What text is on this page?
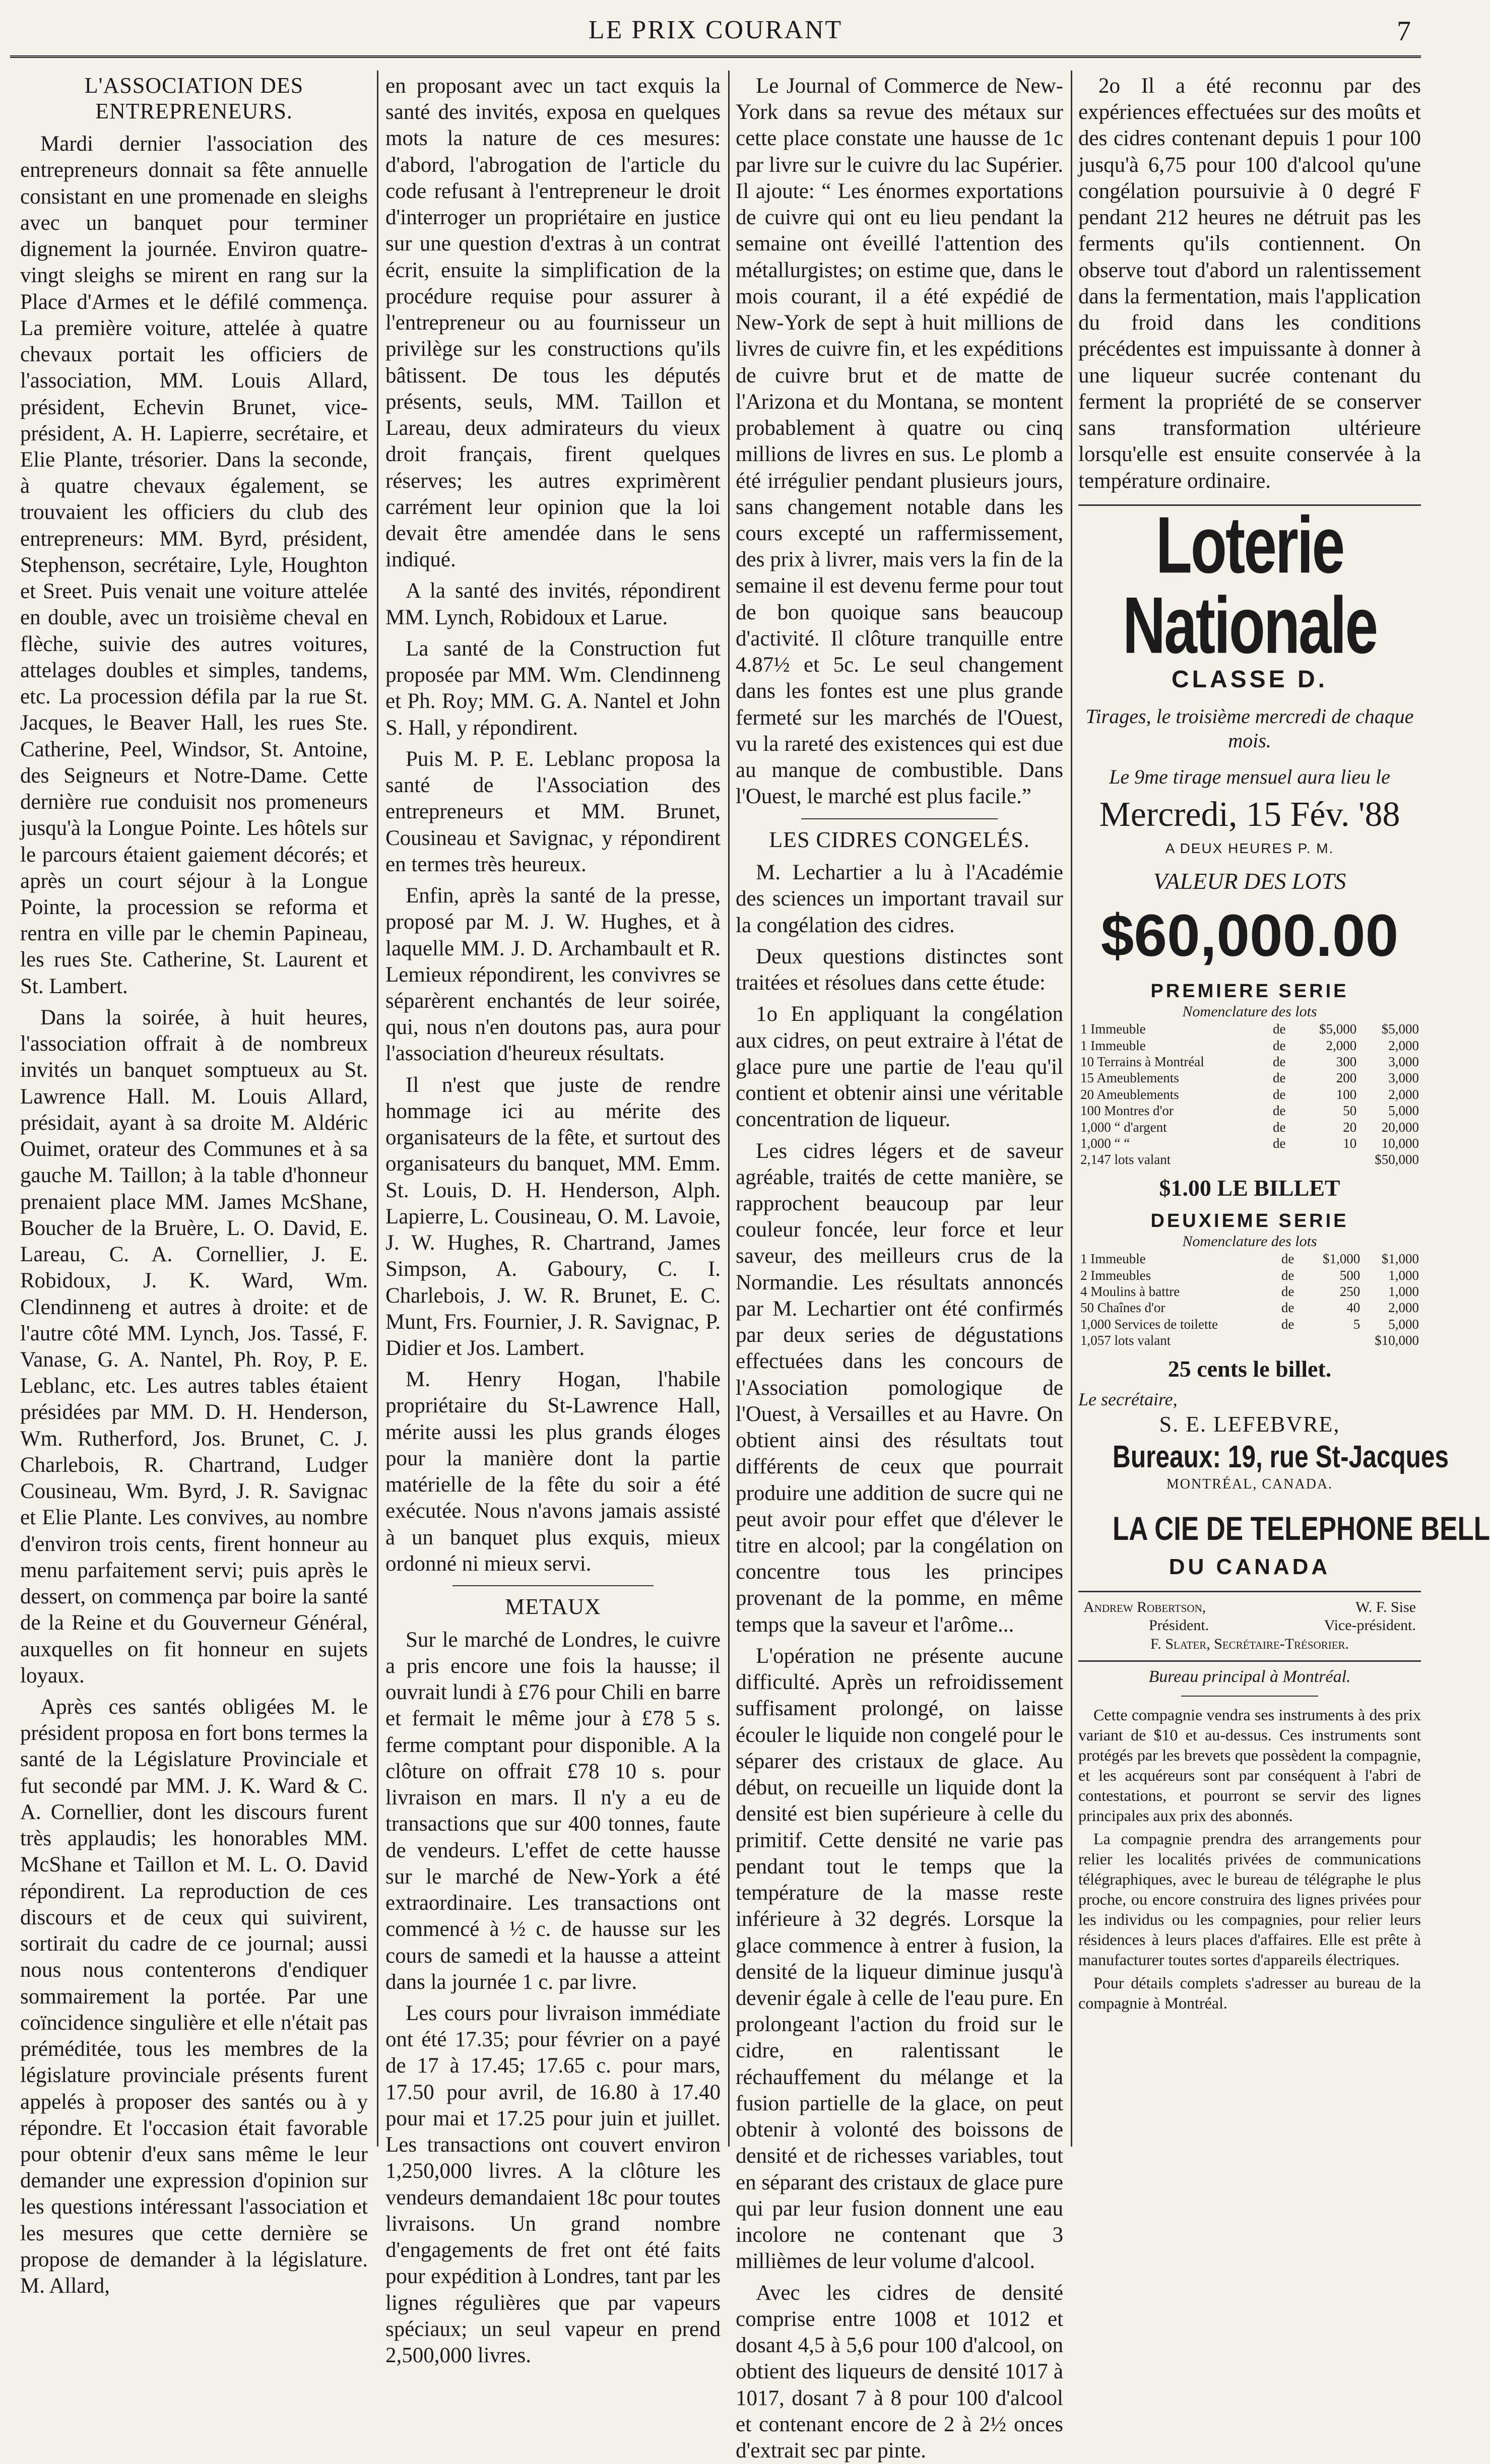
LE PRIX COURANT	7
L'ASSOCIATION DES ENTREPRENEURS.

Mardi dernier l'association des entrepreneurs donnait sa fête annuelle consistant en une promenade en sleighs avec un banquet pour terminer dignement la journée. Environ quatre-vingt sleighs se mirent en rang sur la Place d'Armes et le défilé commença. La première voiture, attelée à quatre chevaux portait les officiers de l'association, MM. Louis Allard, président, Echevin Brunet, vice-président, A. H. Lapierre, secrétaire, et Elie Plante, trésorier. Dans la seconde, à quatre chevaux également, se trouvaient les officiers du club des entrepreneurs: MM. Byrd, président, Stephenson, secrétaire, Lyle, Houghton et Sreet. Puis venait une voiture attelée en double, avec un troisième cheval en flèche, suivie des autres voitures, attelages doubles et simples, tandems, etc. La procession défila par la rue St. Jacques, le Beaver Hall, les rues Ste. Catherine, Peel, Windsor, St. Antoine, des Seigneurs et Notre-Dame. Cette dernière rue conduisit nos promeneurs jusqu'à la Longue Pointe. Les hôtels sur le parcours étaient gaiement décorés; et après un court séjour à la Longue Pointe, la procession se reforma et rentra en ville par le chemin Papineau, les rues Ste. Catherine, St. Laurent et St. Lambert.

Dans la soirée, à huit heures, l'association offrait à de nombreux invités un banquet somptueux au St. Lawrence Hall. M. Louis Allard, présidait, ayant à sa droite M. Aldéric Ouimet, orateur des Communes et à sa gauche M. Taillon; à la table d'honneur prenaient place MM. James McShane, Boucher de la Bruère, L. O. David, E. Lareau, C. A. Cornellier, J. E. Robidoux, J. K. Ward, Wm. Clendinneng et autres à droite: et de l'autre côté MM. Lynch, Jos. Tassé, F. Vanase, G. A. Nantel, Ph. Roy, P. E. Leblanc, etc. Les autres tables étaient présidées par MM. D. H. Henderson, Wm. Rutherford, Jos. Brunet, C. J. Charlebois, R. Chartrand, Ludger Cousineau, Wm. Byrd, J. R. Savignac et Elie Plante. Les convives, au nombre d'environ trois cents, firent honneur au menu parfaitement servi; puis après le dessert, on commença par boire la santé de la Reine et du Gouverneur Général, auxquelles on fit honneur en sujets loyaux.

Après ces santés obligées M. le président proposa en fort bons termes la santé de la Législature Provinciale et fut secondé par MM. J. K. Ward & C. A. Cornellier, dont les discours furent très applaudis; les honorables MM. McShane et Taillon et M. L. O. David répondirent. La reproduction de ces discours et de ceux qui suivirent, sortirait du cadre de ce journal; aussi nous nous contenterons d'endiquer sommairement la portée. Par une coïncidence singulière et elle n'était pas préméditée, tous les membres de la législature provinciale présents furent appelés à proposer des santés ou à y répondre. Et l'occasion était favorable pour obtenir d'eux sans même le leur demander une expression d'opinion sur les questions intéressant l'association et les mesures que cette dernière se propose de demander à la législature. M. Allard,

en proposant avec un tact exquis la santé des invités, exposa en quelques mots la nature de ces mesures: d'abord, l'abrogation de l'article du code refusant à l'entrepreneur le droit d'interroger un propriétaire en justice sur une question d'extras à un contrat écrit, ensuite la simplification de la procédure requise pour assurer à l'entrepreneur ou au fournisseur un privilège sur les constructions qu'ils bâtissent. De tous les députés présents, seuls, MM. Taillon et Lareau, deux admirateurs du vieux droit français, firent quelques réserves; les autres exprimèrent carrément leur opinion que la loi devait être amendée dans le sens indiqué.

A la santé des invités, répondirent MM. Lynch, Robidoux et Larue.

La santé de la Construction fut proposée par MM. Wm. Clendinneng et Ph. Roy; MM. G. A. Nantel et John S. Hall, y répondirent.

Puis M. P. E. Leblanc proposa la santé de l'Association des entrepreneurs et MM. Brunet, Cousineau et Savignac, y répondirent en termes très heureux.

Enfin, après la santé de la presse, proposé par M. J. W. Hughes, et à laquelle MM. J. D. Archambault et R. Lemieux répondirent, les convivres se séparèrent enchantés de leur soirée, qui, nous n'en doutons pas, aura pour l'association d'heureux résultats.

Il n'est que juste de rendre hommage ici au mérite des organisateurs de la fête, et surtout des organisateurs du banquet, MM. Emm. St. Louis, D. H. Henderson, Alph. Lapierre, L. Cousineau, O. M. Lavoie, J. W. Hughes, R. Chartrand, James Simpson, A. Gaboury, C. I. Charlebois, J. W. R. Brunet, E. C. Munt, Frs. Fournier, J. R. Savignac, P. Didier et Jos. Lambert.

M. Henry Hogan, l'habile propriétaire du St-Lawrence Hall, mérite aussi les plus grands éloges pour la manière dont la partie matérielle de la fête du soir a été exécutée. Nous n'avons jamais assisté à un banquet plus exquis, mieux ordonné ni mieux servi.

METAUX

Sur le marché de Londres, le cuivre a pris encore une fois la hausse; il ouvrait lundi à £76 pour Chili en barre et fermait le même jour à £78 5 s. ferme comptant pour disponible. A la clôture on offrait £78 10 s. pour livraison en mars. Il n'y a eu de transactions que sur 400 tonnes, faute de vendeurs. L'effet de cette hausse sur le marché de New-York a été extraordinaire. Les transactions ont commencé à ½ c. de hausse sur les cours de samedi et la hausse a atteint dans la journée 1 c. par livre.

Les cours pour livraison immédiate ont été 17.35; pour février on a payé de 17 à 17.45; 17.65 c. pour mars, 17.50 pour avril, de 16.80 à 17.40 pour mai et 17.25 pour juin et juillet. Les transactions ont couvert environ 1,250,000 livres. A la clôture les vendeurs demandaient 18c pour toutes livraisons. Un grand nombre d'engagements de fret ont été faits pour expédition à Londres, tant par les lignes régulières que par vapeurs spéciaux; un seul vapeur en prend 2,500,000 livres.

Le Journal of Commerce de New-York dans sa revue des métaux sur cette place constate une hausse de 1c par livre sur le cuivre du lac Supérier. Il ajoute: “ Les énormes exportations de cuivre qui ont eu lieu pendant la semaine ont éveillé l'attention des métallurgistes; on estime que, dans le mois courant, il a été expédié de New-York de sept à huit millions de livres de cuivre fin, et les expéditions de cuivre brut et de matte de l'Arizona et du Montana, se montent probablement à quatre ou cinq millions de livres en sus. Le plomb a été irrégulier pendant plusieurs jours, sans changement notable dans les cours excepté un raffermissement, des prix à livrer, mais vers la fin de la semaine il est devenu ferme pour tout de bon quoique sans beaucoup d'activité. Il clôture tranquille entre 4.87½ et 5c. Le seul changement dans les fontes est une plus grande fermeté sur les marchés de l'Ouest, vu la rareté des existences qui est due au manque de combustible. Dans l'Ouest, le marché est plus facile.”

LES CIDRES CONGELÉS.

M. Lechartier a lu à l'Académie des sciences un important travail sur la congélation des cidres.

Deux questions distinctes sont traitées et résolues dans cette étude:

1o En appliquant la congélation aux cidres, on peut extraire à l'état de glace pure une partie de l'eau qu'il contient et obtenir ainsi une véritable concentration de liqueur.

Les cidres légers et de saveur agréable, traités de cette manière, se rapprochent beaucoup par leur couleur foncée, leur force et leur saveur, des meilleurs crus de la Normandie. Les résultats annoncés par M. Lechartier ont été confirmés par deux series de dégustations effectuées dans les concours de l'Association pomologique de l'Ouest, à Versailles et au Havre. On obtient ainsi des résultats tout différents de ceux que pourrait produire une addition de sucre qui ne peut avoir pour effet que d'élever le titre en alcool; par la congélation on concentre tous les principes provenant de la pomme, en même temps que la saveur et l'arôme...

L'opération ne présente aucune difficulté. Après un refroidissement suffisament prolongé, on laisse écouler le liquide non congelé pour le séparer des cristaux de glace. Au début, on recueille un liquide dont la densité est bien supérieure à celle du primitif. Cette densité ne varie pas pendant tout le temps que la température de la masse reste inférieure à 32 degrés. Lorsque la glace commence à entrer à fusion, la densité de la liqueur diminue jusqu'à devenir égale à celle de l'eau pure. En prolongeant l'action du froid sur le cidre, en ralentissant le réchauffement du mélange et la fusion partielle de la glace, on peut obtenir à volonté des boissons de densité et de richesses variables, tout en séparant des cristaux de glace pure qui par leur fusion donnent une eau incolore ne contenant que 3 millièmes de leur volume d'alcool.

Avec les cidres de densité comprise entre 1008 et 1012 et dosant 4,5 à 5,6 pour 100 d'alcool, on obtient des liqueurs de densité 1017 à 1017, dosant 7 à 8 pour 100 d'alcool et contenant encore de 2 à 2½ onces d'extrait sec par pinte.

2o Il a été reconnu par des expériences effectuées sur des moûts et des cidres contenant depuis 1 pour 100 jusqu'à 6,75 pour 100 d'alcool qu'une congélation poursuivie à 0 degré F pendant 212 heures ne détruit pas les ferments qu'ils contiennent. On observe tout d'abord un ralentissement dans la fermentation, mais l'application du froid dans les conditions précédentes est impuissante à donner à une liqueur sucrée contenant du ferment la propriété de se conserver sans transformation ultérieure lorsqu'elle est ensuite conservée à la température ordinaire.

Loterie Nationale
CLASSE D.
Tirages, le troisième mercredi de chaque mois.
Le 9me tirage mensuel aura lieu le
Mercredi, 15 Fév. '88
A DEUX HEURES P. M.
VALEUR DES LOTS
$60,000.00
PREMIERE SERIE
Nomenclature des lots
1 Immeuble	de	$5,000	$5,000
1 Immeuble	de	2,000	2,000
10 Terrains à Montréal	de	300	3,000
15 Ameublements	de	200	3,000
20 Ameublements	de	100	2,000
100 Montres d'or	de	50	5,000
1,000 “ d'argent	de	20	20,000
1,000 “ “	de	10	10,000
2,147 lots valant	$50,000
$1.00 LE BILLET
DEUXIEME SERIE
Nomenclature des lots
1 Immeuble	de	$1,000	$1,000
2 Immeubles	de	500	1,000
4 Moulins à battre	de	250	1,000
50 Chaînes d'or	de	40	2,000
1,000 Services de toilette	de	5	5,000
1,057 lots valant	$10,000
25 cents le billet.
Le secrétaire,
S. E. LEFEBVRE,
Bureaux: 19, rue St-Jacques
MONTRÉAL, CANADA.
LA CIE DE TELEPHONE BELL
DU CANADA
Andrew Robertson,	W. F. Sise
Président.	Vice-président.
F. Slater, Secrétaire-Trésorier.
Bureau principal à Montréal.

Cette compagnie vendra ses instruments à des prix variant de $10 et au-dessus. Ces instruments sont protégés par les brevets que possèdent la compagnie, et les acquéreurs sont par conséquent à l'abri de contestations, et pourront se servir des lignes principales aux prix des abonnés.

La compagnie prendra des arrangements pour relier les localités privées de communications télégraphiques, avec le bureau de télégraphe le plus proche, ou encore construira des lignes privées pour les individus ou les compagnies, pour relier leurs résidences à leurs places d'affaires. Elle est prête à manufacturer toutes sortes d'appareils électriques.

Pour détails complets s'adresser au bureau de la compagnie à Montréal.
